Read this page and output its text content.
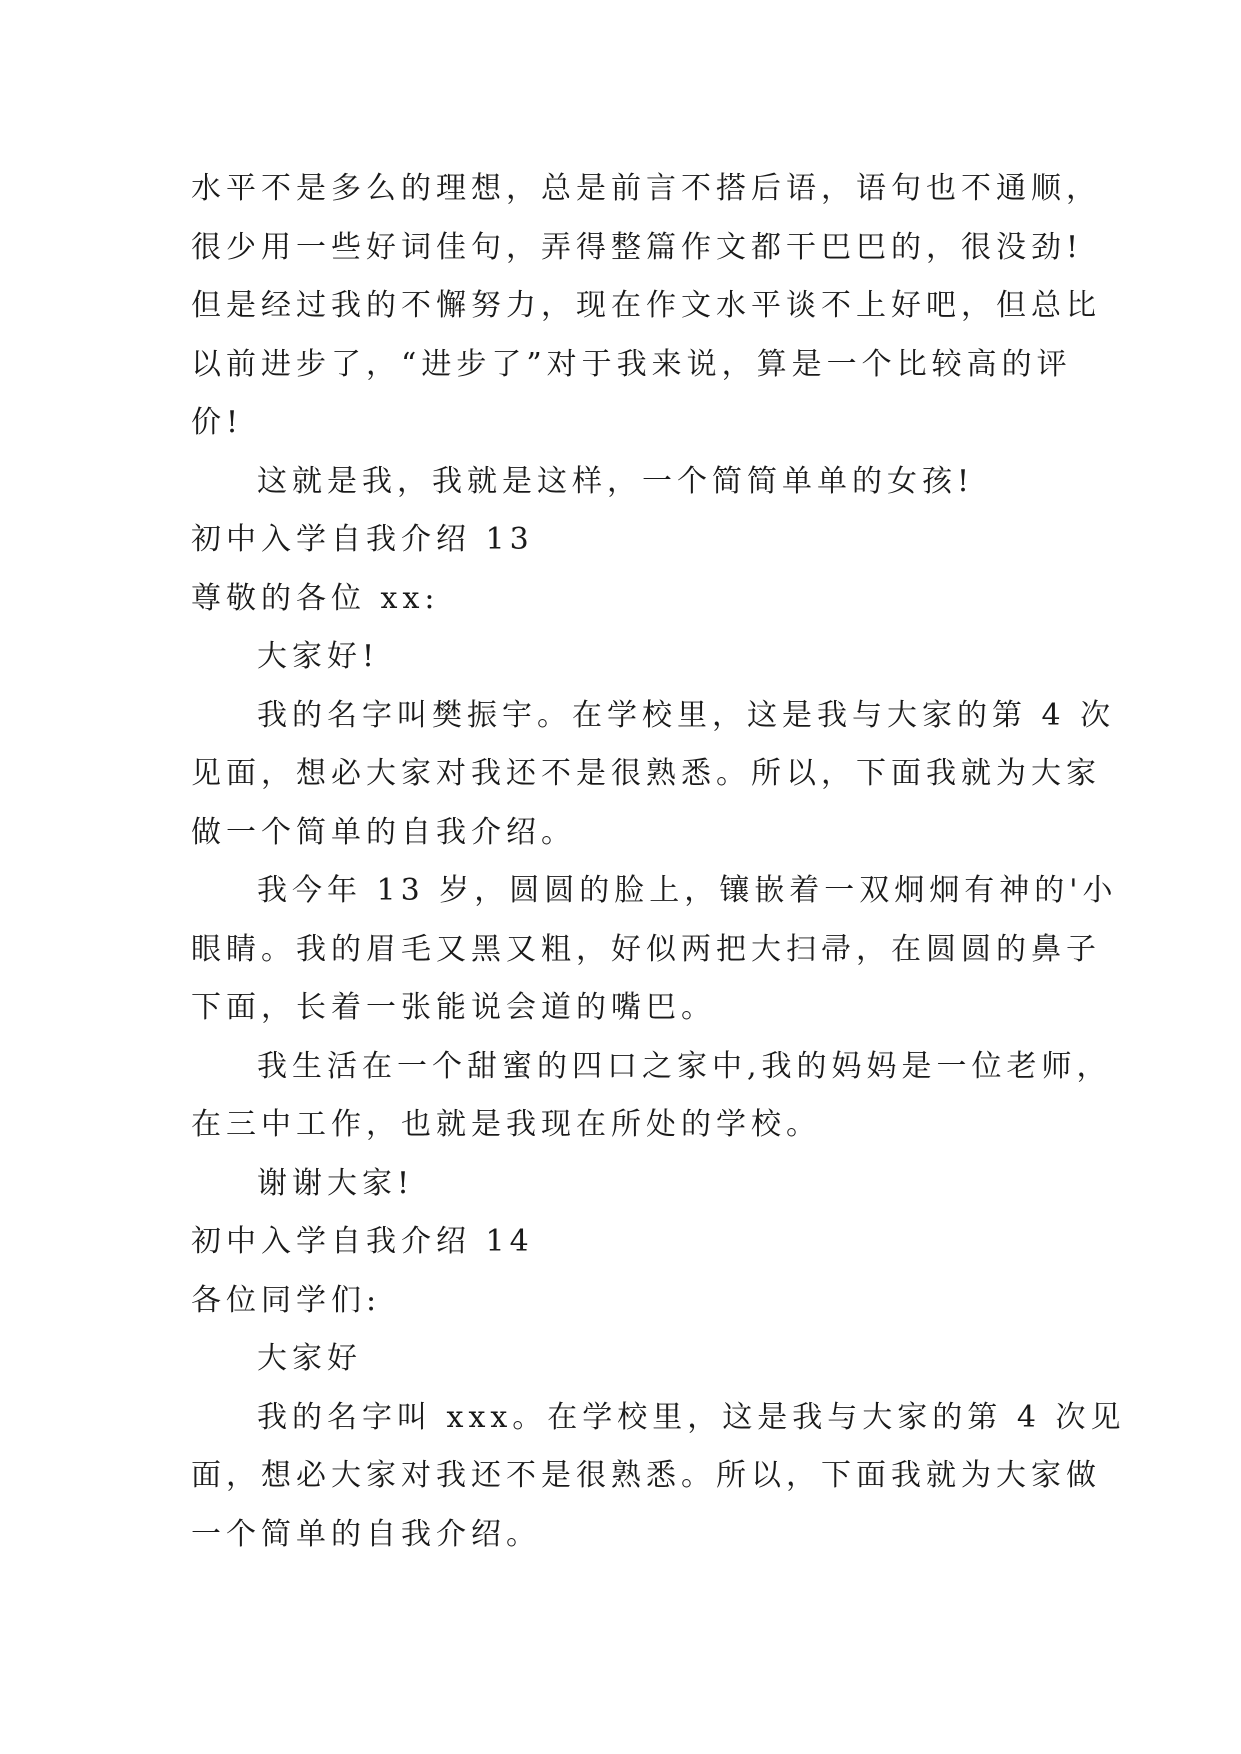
水平不是多么的理想，总是前言不搭后语，语句也不通顺，
很少用一些好词佳句，弄得整篇作文都干巴巴的，很没劲!
但是经过我的不懈努力，现在作文水平谈不上好吧，但总比
以前进步了，“进步了”对于我来说，算是一个比较高的评
价!
这就是我，我就是这样，一个简简单单的女孩!
初中入学自我介绍 13
尊敬的各位 xx:
大家好!
我的名字叫樊振宇。在学校里，这是我与大家的第 4 次
见面，想必大家对我还不是很熟悉。所以，下面我就为大家
做一个简单的自我介绍。
我今年 13 岁，圆圆的脸上，镶嵌着一双炯炯有神的'小
眼睛。我的眉毛又黑又粗，好似两把大扫帚，在圆圆的鼻子
下面，长着一张能说会道的嘴巴。
我生活在一个甜蜜的四口之家中,我的妈妈是一位老师，
在三中工作，也就是我现在所处的学校。
谢谢大家!
初中入学自我介绍 14
各位同学们:
大家好
我的名字叫 xxx。在学校里，这是我与大家的第 4 次见
面，想必大家对我还不是很熟悉。所以，下面我就为大家做
一个简单的自我介绍。
